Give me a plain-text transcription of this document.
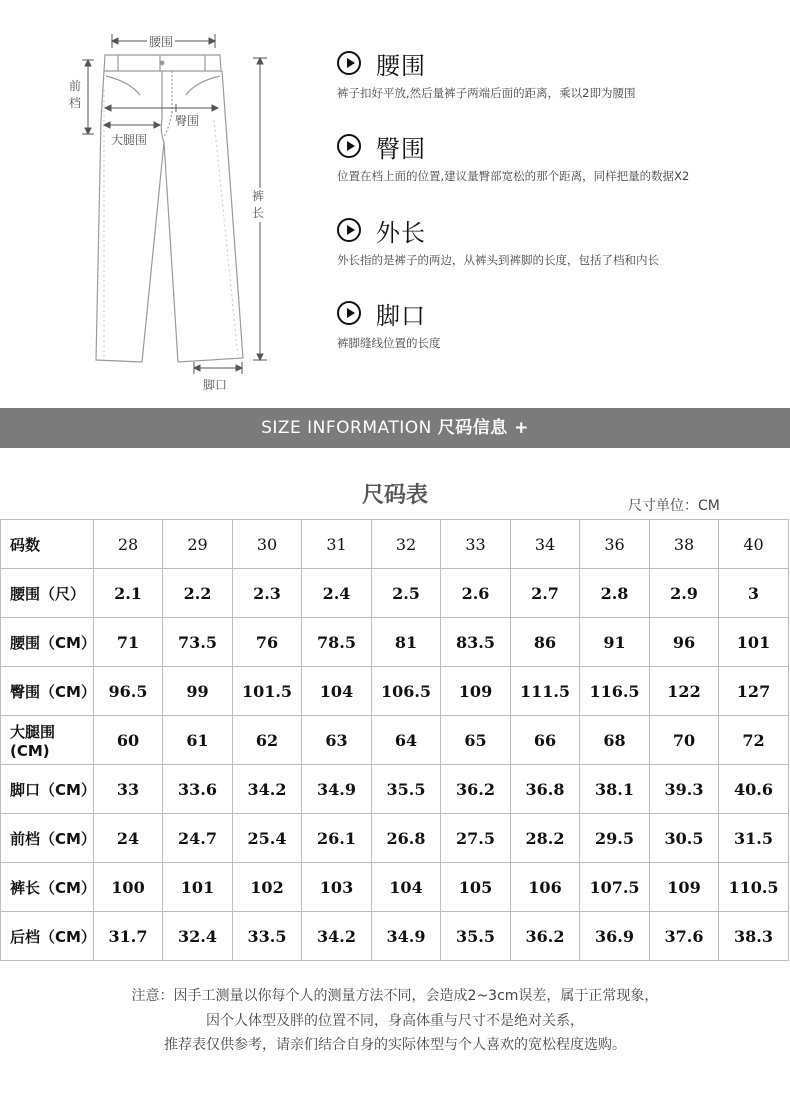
腰围
前档
臀围
大腿围
裤长
脚口
腰围
裤子扣好平放,然后量裤子两端后面的距离，乘以2即为腰围
臀围
位置在档上面的位置,建议量臀部宽松的那个距离，同样把量的数据X2
外长
外长指的是裤子的两边，从裤头到裤脚的长度，包括了档和内长
脚口
裤脚缝线位置的长度
SIZE INFORMATION 尺码信息 +
尺码表	尺寸单位：CM
码数	28	29	30	31	32	33	34	36	38	40
腰围（尺）	2.1	2.2	2.3	2.4	2.5	2.6	2.7	2.8	2.9	3
腰围（CM）	71	73.5	76	78.5	81	83.5	86	91	96	101
臀围（CM）	96.5	99	101.5	104	106.5	109	111.5	116.5	122	127
大腿围(CM)	60	61	62	63	64	65	66	68	70	72
脚口（CM）	33	33.6	34.2	34.9	35.5	36.2	36.8	38.1	39.3	40.6
前档（CM）	24	24.7	25.4	26.1	26.8	27.5	28.2	29.5	30.5	31.5
裤长（CM）	100	101	102	103	104	105	106	107.5	109	110.5
后档（CM）	31.7	32.4	33.5	34.2	34.9	35.5	36.2	36.9	37.6	38.3
注意：因手工测量以你每个人的测量方法不同，会造成2~3cm误差，属于正常现象，
因个人体型及胖的位置不同，身高体重与尺寸不是绝对关系，
推荐表仅供参考，请亲们结合自身的实际体型与个人喜欢的宽松程度选购。
